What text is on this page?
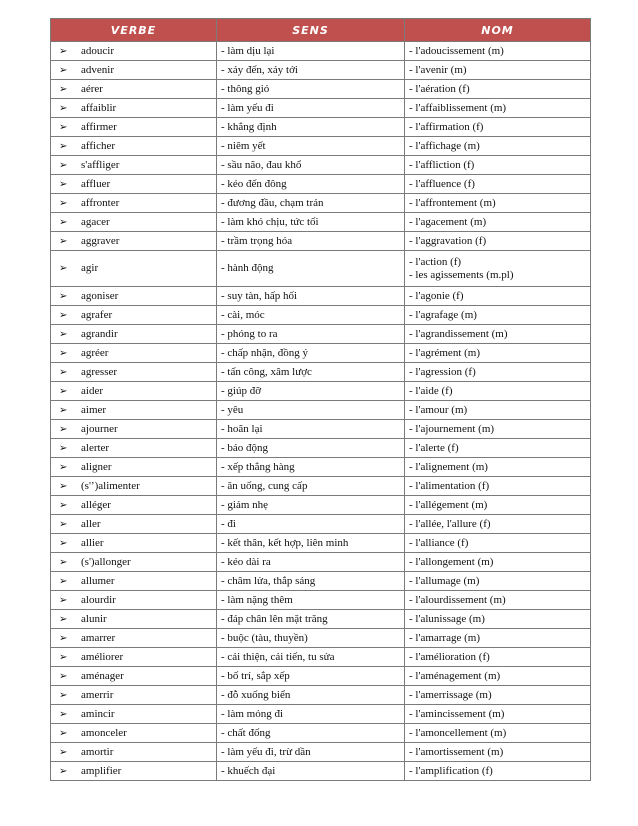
VERBE	SENS	NOM
➢ adoucir	- làm dịu lại	- l'adoucissement (m)

➢ advenir	- xảy đến, xảy tới	- l'avenir (m)

➢ aérer	- thông gió	- l'aération (f)

➢ affaiblir	- làm yếu đi	- l'affaiblissement (m)

➢ affirmer	- khẳng định	- l'affirmation (f)

➢ afficher	- niêm yết	- l'affichage (m)

➢ s'affliger	- sầu não, đau khổ	- l'affliction (f)

➢ affluer	- kéo đến đông	- l'affluence (f)

➢ affronter	- đương đầu, chạm trán	- l'affrontement (m)

➢ agacer	- làm khó chịu, tức tối	- l'agacement (m)

➢ aggraver	- trầm trọng hóa	- l'aggravation (f)

➢ agir	- hành động	- l'action (f)
- les agissements (m.pl)

➢ agoniser	- suy tàn, hấp hối	- l'agonie (f)

➢ agrafer	- cài, móc	- l'agrafage (m)

➢ agrandir	- phóng to ra	- l'agrandissement (m)

➢ agréer	- chấp nhận, đồng ý	- l'agrément (m)

➢ agresser	- tấn công, xâm lược	- l'agression (f)

➢ aider	- giúp đỡ	- l'aide (f)

➢ aimer	- yêu	- l'amour (m)

➢ ajourner	- hoãn lại	- l'ajournement (m)

➢ alerter	- báo động	- l'alerte (f)

➢ aligner	- xếp thẳng hàng	- l'alignement (m)

➢ (s'’)alimenter	- ăn uống, cung cấp	- l'alimentation (f)

➢ alléger	- giảm nhẹ	- l'allégement (m)

➢ aller	- đi	- l'allée, l'allure (f)

➢ allier	- kết thân, kết hợp, liên minh	- l'alliance (f)

➢ (s')allonger	- kéo dài ra	- l'allongement (m)

➢ allumer	- châm lửa, thắp sáng	- l'allumage (m)

➢ alourdir	- làm nặng thêm	- l'alourdissement (m)

➢ alunir	- đáp chân lên mặt trăng	- l'alunissage (m)

➢ amarrer	- buộc (tàu, thuyền)	- l'amarrage (m)

➢ améliorer	- cải thiện, cải tiến, tu sửa	- l'amélioration (f)

➢ aménager	- bố trí, sắp xếp	- l'aménagement (m)

➢ amerrir	- đỗ xuống biển	- l'amerrissage (m)

➢ amincir	- làm mỏng đi	- l'amincissement (m)

➢ amonceler	- chất đống	- l'amoncellement (m)

➢ amortir	- làm yếu đi, trừ dần	- l'amortissement (m)

➢ amplifier	- khuếch đại	- l'amplification (f)
